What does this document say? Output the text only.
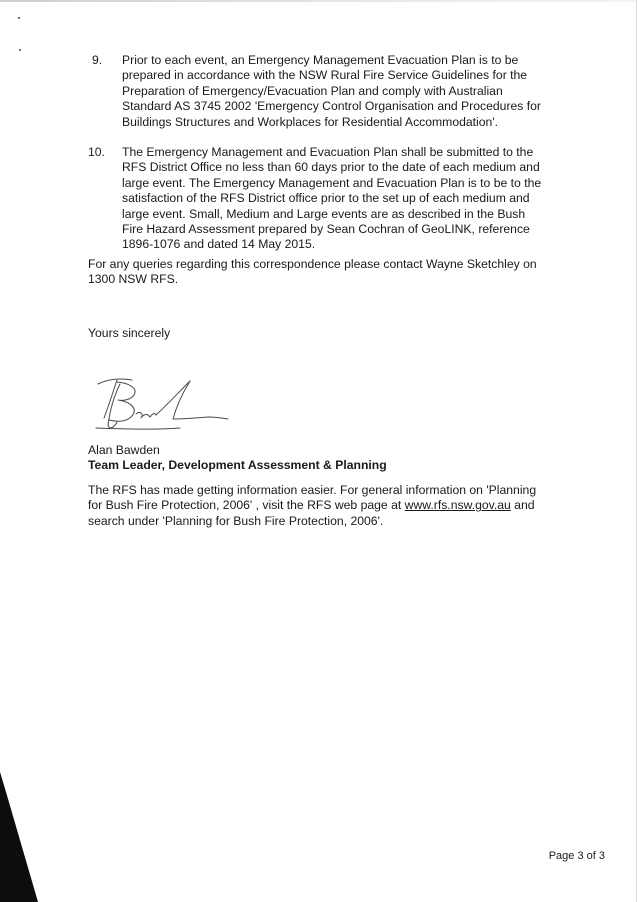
9. Prior to each event, an Emergency Management Evacuation Plan is to be prepared in accordance with the NSW Rural Fire Service Guidelines for the Preparation of Emergency/Evacuation Plan and comply with Australian Standard AS 3745 2002 'Emergency Control Organisation and Procedures for Buildings Structures and Workplaces for Residential Accommodation'.
10. The Emergency Management and Evacuation Plan shall be submitted to the RFS District Office no less than 60 days prior to the date of each medium and large event. The Emergency Management and Evacuation Plan is to be to the satisfaction of the RFS District office prior to the set up of each medium and large event. Small, Medium and Large events are as described in the Bush Fire Hazard Assessment prepared by Sean Cochran of GeoLINK, reference 1896-1076 and dated 14 May 2015.

For any queries regarding this correspondence please contact Wayne Sketchley on 1300 NSW RFS.

Yours sincerely

Alan Bawden

Team Leader, Development Assessment & Planning

The RFS has made getting information easier. For general information on 'Planning for Bush Fire Protection, 2006' , visit the RFS web page at www.rfs.nsw.gov.au and search under 'Planning for Bush Fire Protection, 2006'.

Page 3 of 3
